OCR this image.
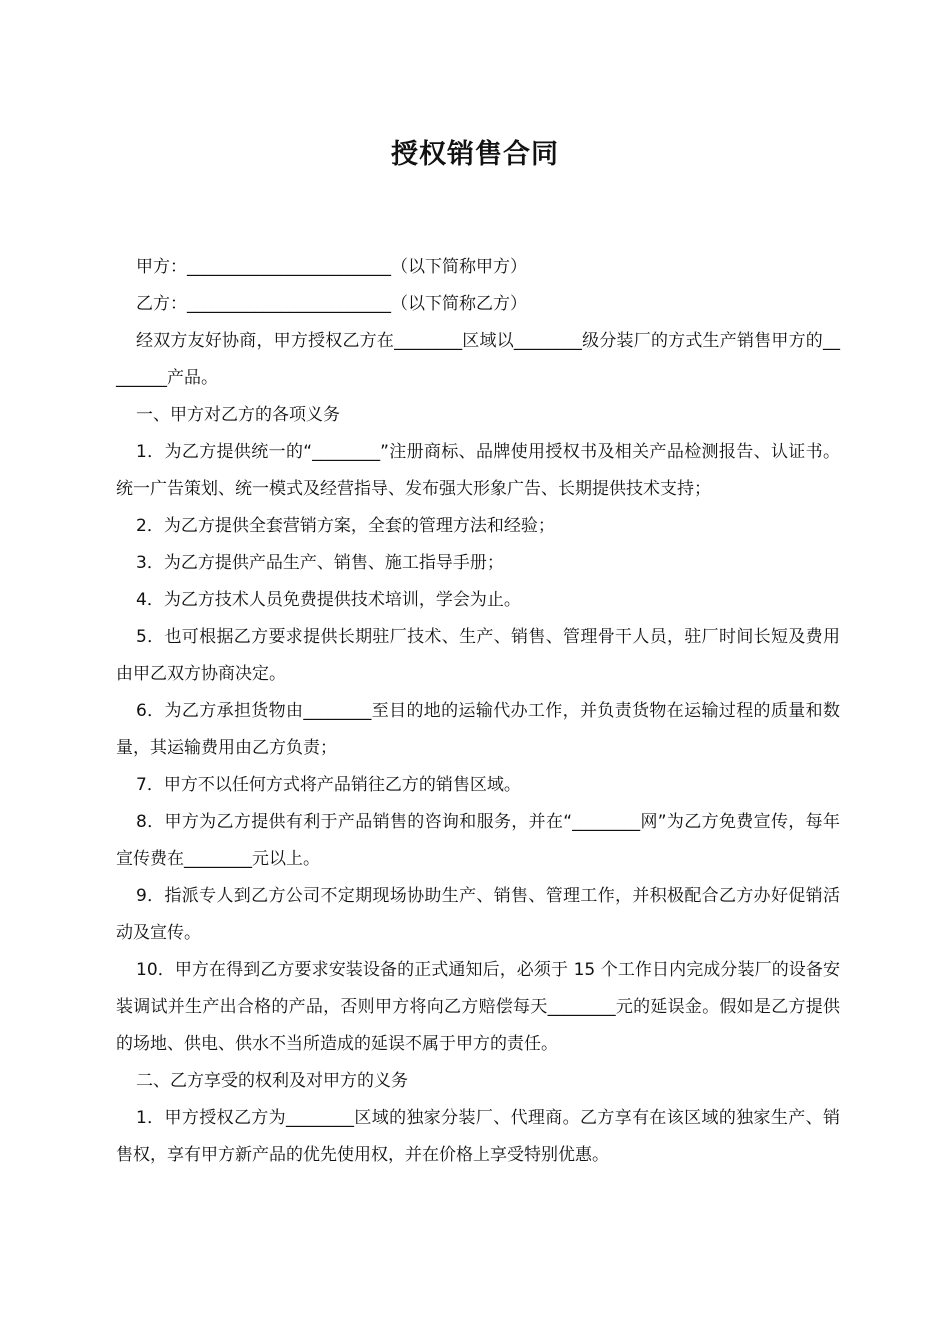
授权销售合同

甲方：________________________（以下简称甲方）

乙方：________________________（以下简称乙方）

经双方友好协商，甲方授权乙方在________区域以________级分装厂的方式生产销售甲方的________产品。

一、甲方对乙方的各项义务

1．为乙方提供统一的“________”注册商标、品牌使用授权书及相关产品检测报告、认证书。统一广告策划、统一模式及经营指导、发布强大形象广告、长期提供技术支持；

2．为乙方提供全套营销方案，全套的管理方法和经验；

3．为乙方提供产品生产、销售、施工指导手册；

4．为乙方技术人员免费提供技术培训，学会为止。

5．也可根据乙方要求提供长期驻厂技术、生产、销售、管理骨干人员，驻厂时间长短及费用由甲乙双方协商决定。

6．为乙方承担货物由________至目的地的运输代办工作，并负责货物在运输过程的质量和数量，其运输费用由乙方负责；

7．甲方不以任何方式将产品销往乙方的销售区域。

8．甲方为乙方提供有利于产品销售的咨询和服务，并在“________网”为乙方免费宣传，每年宣传费在________元以上。

9．指派专人到乙方公司不定期现场协助生产、销售、管理工作，并积极配合乙方办好促销活动及宣传。

10．甲方在得到乙方要求安装设备的正式通知后，必须于 15 个工作日内完成分装厂的设备安装调试并生产出合格的产品，否则甲方将向乙方赔偿每天________元的延误金。假如是乙方提供的场地、供电、供水不当所造成的延误不属于甲方的责任。

二、乙方享受的权利及对甲方的义务

1．甲方授权乙方为________区域的独家分装厂、代理商。乙方享有在该区域的独家生产、销售权，享有甲方新产品的优先使用权，并在价格上享受特别优惠。
